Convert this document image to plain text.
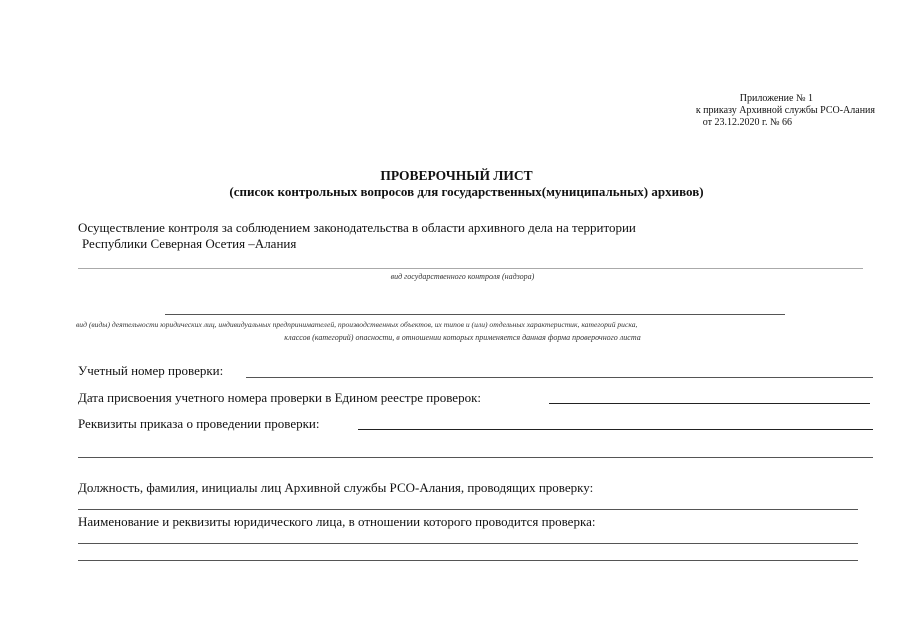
Приложение № 1
к приказу Архивной службы РСО-Алания
от 23.12.2020 г. № 66
ПРОВЕРОЧНЫЙ ЛИСТ
(список контрольных вопросов для государственных(муниципальных) архивов)
Осуществление контроля за соблюдением законодательства в области архивного дела на территории
Республики Северная Осетия –Алания
вид государственного контроля (надзора)
вид (виды) деятельности юридических лиц, индивидуальных предпринимателей, производственных объектов, их типов и (или) отдельных характеристик, категорий риска,
классов (категорий) опасности, в отношении которых применяется данная форма проверочного листа
Учетный номер проверки:
Дата присвоения учетного номера проверки в Едином реестре проверок:
Реквизиты приказа о проведении проверки:
Должность, фамилия, инициалы лиц Архивной службы РСО-Алания, проводящих проверку:
Наименование и реквизиты юридического лица, в отношении которого проводится проверка:
